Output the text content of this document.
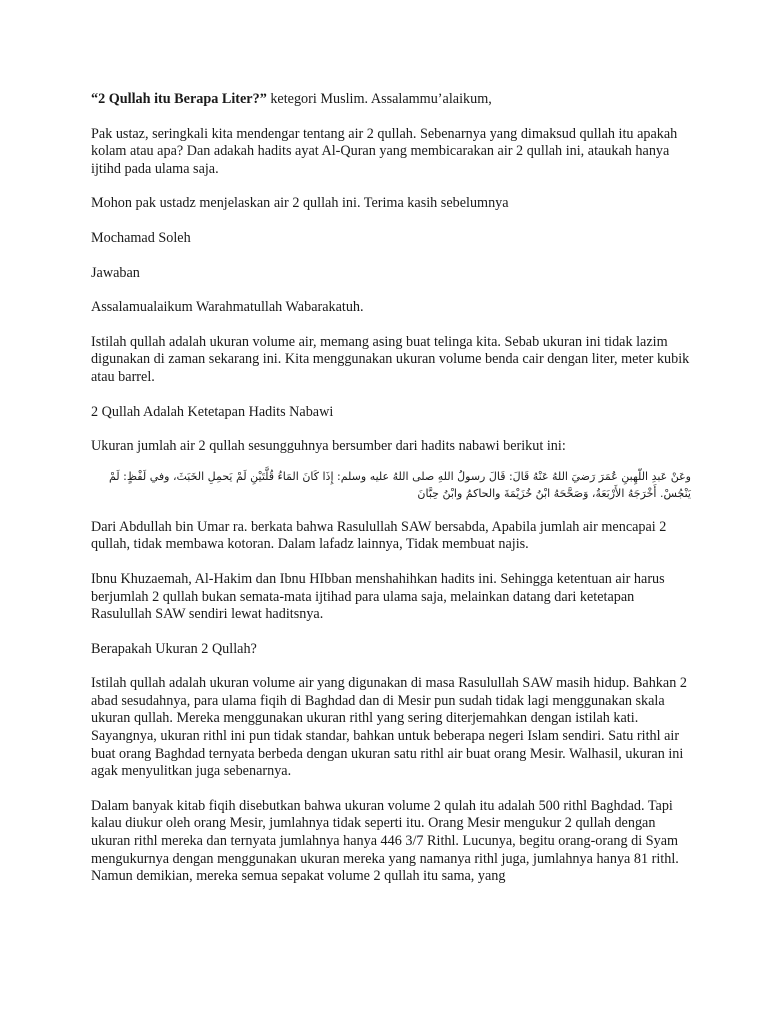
“2 Qullah itu Berapa Liter?” ketegori Muslim. Assalammu’alaikum,

Pak ustaz, seringkali kita mendengar tentang air 2 qullah. Sebenarnya yang dimaksud qullah itu apakah kolam atau apa? Dan adakah hadits ayat Al-Quran yang membicarakan air 2 qullah ini, ataukah hanya ijtihd pada ulama saja.

Mohon pak ustadz menjelaskan air 2 qullah ini. Terima kasih sebelumnya

Mochamad Soleh

Jawaban

Assalamualaikum Warahmatullah Wabarakatuh.

Istilah qullah adalah ukuran volume air, memang asing buat telinga kita. Sebab ukuran ini tidak lazim digunakan di zaman sekarang ini. Kita menggunakan ukuran volume benda cair dengan liter, meter kubik atau barrel.

2 Qullah Adalah Ketetapan Hadits Nabawi

Ukuran jumlah air 2 qullah sesungguhnya bersumber dari hadits nabawi berikut ini:

وعَنْ عَبدِ اللّهِبنِ عُمَرَ رَضيَ اللهُ عَنْهُ قَالَ: قَالَ رسولُ اللهِ صلى اللهُ عليه وسلم: إِذَا كَانَ المَاءُ قُلَّتَيْنِ لَمْ يَحمِلِ الخَبَثَ، وفي لَفْظٍ: لَمْ يَنْجُسْ. أَخْرَجَهُ الأَرْبَعَةُ، وَصَحَّحَهُ ابْنُ خُزَيْمَةَ والحاكمُ وابْنُ حِبَّانَ

Dari Abdullah bin Umar ra. berkata bahwa Rasulullah SAW bersabda, Apabila jumlah air mencapai 2 qullah, tidak membawa kotoran. Dalam lafadz lainnya, Tidak membuat najis.

Ibnu Khuzaemah, Al-Hakim dan Ibnu HIbban menshahihkan hadits ini. Sehingga ketentuan air harus berjumlah 2 qullah bukan semata-mata ijtihad para ulama saja, melainkan datang dari ketetapan Rasulullah SAW sendiri lewat haditsnya.

Berapakah Ukuran 2 Qullah?

Istilah qullah adalah ukuran volume air yang digunakan di masa Rasulullah SAW masih hidup. Bahkan 2 abad sesudahnya, para ulama fiqih di Baghdad dan di Mesir pun sudah tidak lagi menggunakan skala ukuran qullah. Mereka menggunakan ukuran rithl yang sering diterjemahkan dengan istilah kati. Sayangnya, ukuran rithl ini pun tidak standar, bahkan untuk beberapa negeri Islam sendiri. Satu rithl air buat orang Baghdad ternyata berbeda dengan ukuran satu rithl air buat orang Mesir. Walhasil, ukuran ini agak menyulitkan juga sebenarnya.

Dalam banyak kitab fiqih disebutkan bahwa ukuran volume 2 qulah itu adalah 500 rithl Baghdad. Tapi kalau diukur oleh orang Mesir, jumlahnya tidak seperti itu. Orang Mesir mengukur 2 qullah dengan ukuran rithl mereka dan ternyata jumlahnya hanya 446 3/7 Rithl. Lucunya, begitu orang-orang di Syam mengukurnya dengan menggunakan ukuran mereka yang namanya rithl juga, jumlahnya hanya 81 rithl. Namun demikian, mereka semua sepakat volume 2 qullah itu sama, yang
